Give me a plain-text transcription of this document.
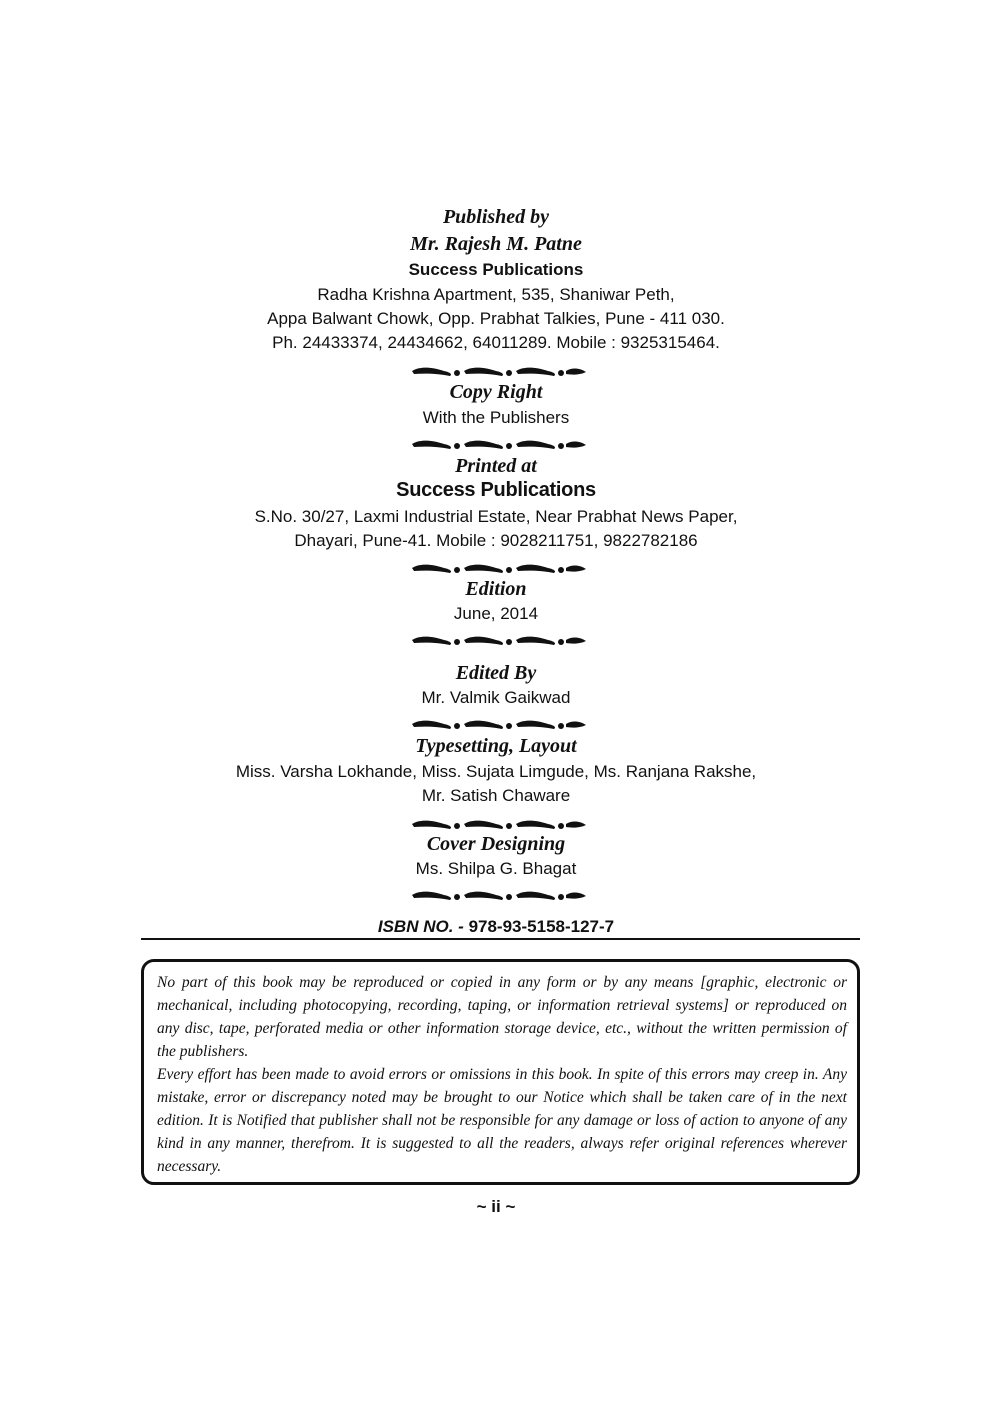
Published by
Mr. Rajesh M. Patne
Success Publications
Radha Krishna Apartment, 535, Shaniwar Peth,
Appa Balwant Chowk, Opp. Prabhat Talkies, Pune - 411 030.
Ph. 24433374, 24434662, 64011289. Mobile : 9325315464.
Copy Right
With the Publishers
Printed at
Success Publications
S.No. 30/27, Laxmi Industrial Estate, Near Prabhat News Paper,
Dhayari, Pune-41. Mobile : 9028211751, 9822782186
Edition
June, 2014
Edited By
Mr. Valmik Gaikwad
Typesetting, Layout
Miss. Varsha Lokhande, Miss. Sujata Limgude, Ms. Ranjana Rakshe,
Mr. Satish Chaware
Cover Designing
Ms. Shilpa G. Bhagat
ISBN NO. - 978-93-5158-127-7

No part of this book may be reproduced or copied in any form or by any means [graphic, electronic or mechanical, including photocopying, recording, taping, or information retrieval systems] or reproduced on any disc, tape, perforated media or other information storage device, etc., without the written permission of the publishers.

Every effort has been made to avoid errors or omissions in this book. In spite of this errors may creep in. Any mistake, error or discrepancy noted may be brought to our Notice which shall be taken care of in the next edition. It is Notified that publisher shall not be responsible for any damage or loss of action to anyone of any kind in any manner, therefrom. It is suggested to all the readers, always refer original references wherever necessary.

~ ii ~
